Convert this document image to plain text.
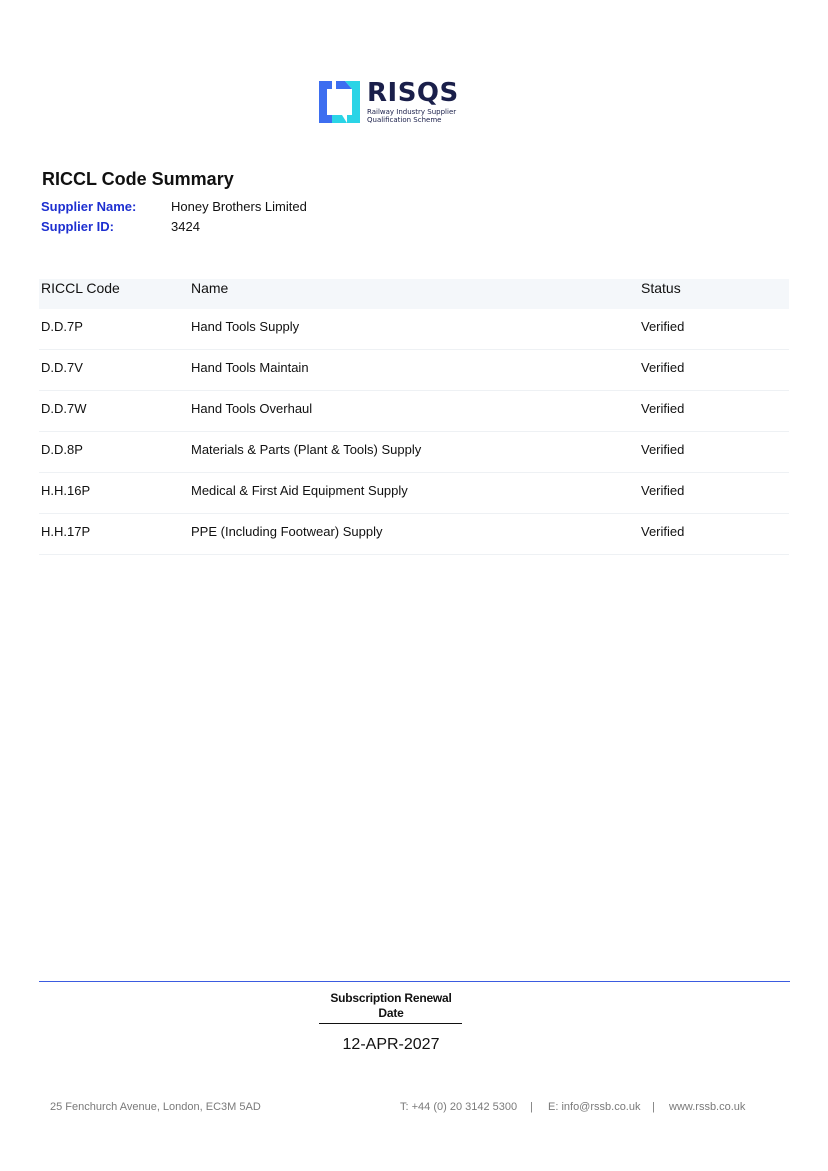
RISQS
Railway Industry Supplier
Qualification Scheme
RICCL Code Summary
Supplier Name:	Honey Brothers Limited
Supplier ID:	3424
RICCL Code	Name	Status
D.D.7P	Hand Tools Supply	Verified
D.D.7V	Hand Tools Maintain	Verified
D.D.7W	Hand Tools Overhaul	Verified
D.D.8P	Materials & Parts (Plant & Tools) Supply	Verified
H.H.16P	Medical & First Aid Equipment Supply	Verified
H.H.17P	PPE (Including Footwear) Supply	Verified
Subscription Renewal
Date
12-APR-2027
25 Fenchurch Avenue, London, EC3M 5AD	T: +44 (0) 20 3142 5300 | E: info@rssb.co.uk | www.rssb.co.uk
